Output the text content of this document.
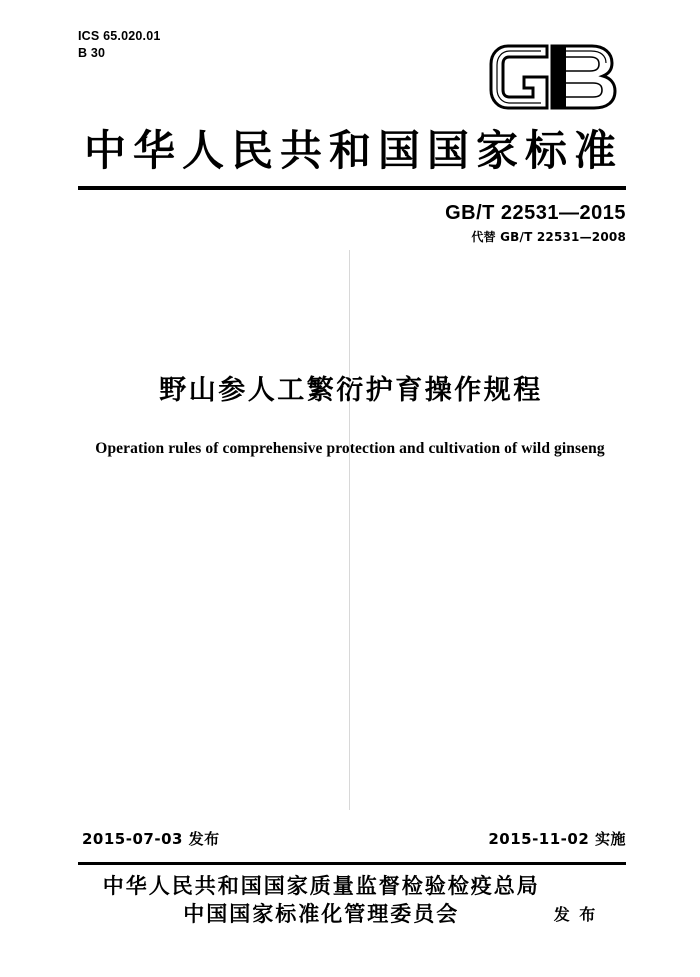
ICS 65.020.01
B 30
中华人民共和国国家标准
GB/T 22531—2015
代替 GB/T 22531—2008
野山参人工繁衍护育操作规程
Operation rules of comprehensive protection and cultivation of wild ginseng
2015-07-03 发布	2015-11-02 实施
中华人民共和国国家质量监督检验检疫总局
中国国家标准化管理委员会	发 布
